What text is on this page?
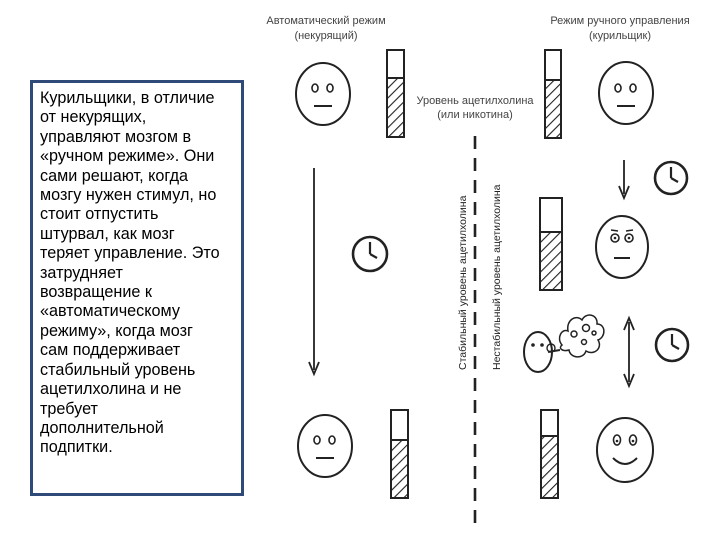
Курильщики, в отличие
от некурящих,
управляют мозгом в
«ручном режиме». Они
сами решают, когда
мозгу нужен стимул, но
стоит отпустить
штурвал, как мозг
теряет управление. Это
затрудняет
возвращение к
«автоматическому
режиму», когда мозг
сам поддерживает
стабильный уровень
ацетилхолина и не
требует
дополнительной
подпитки.
Автоматический режим
(некурящий)
Режим ручного управления
(курильщик)
Уровень ацетилхолина
(или никотина)
Стабильный уровень ацетилхолина Нестабильный уровень ацетилхолина
